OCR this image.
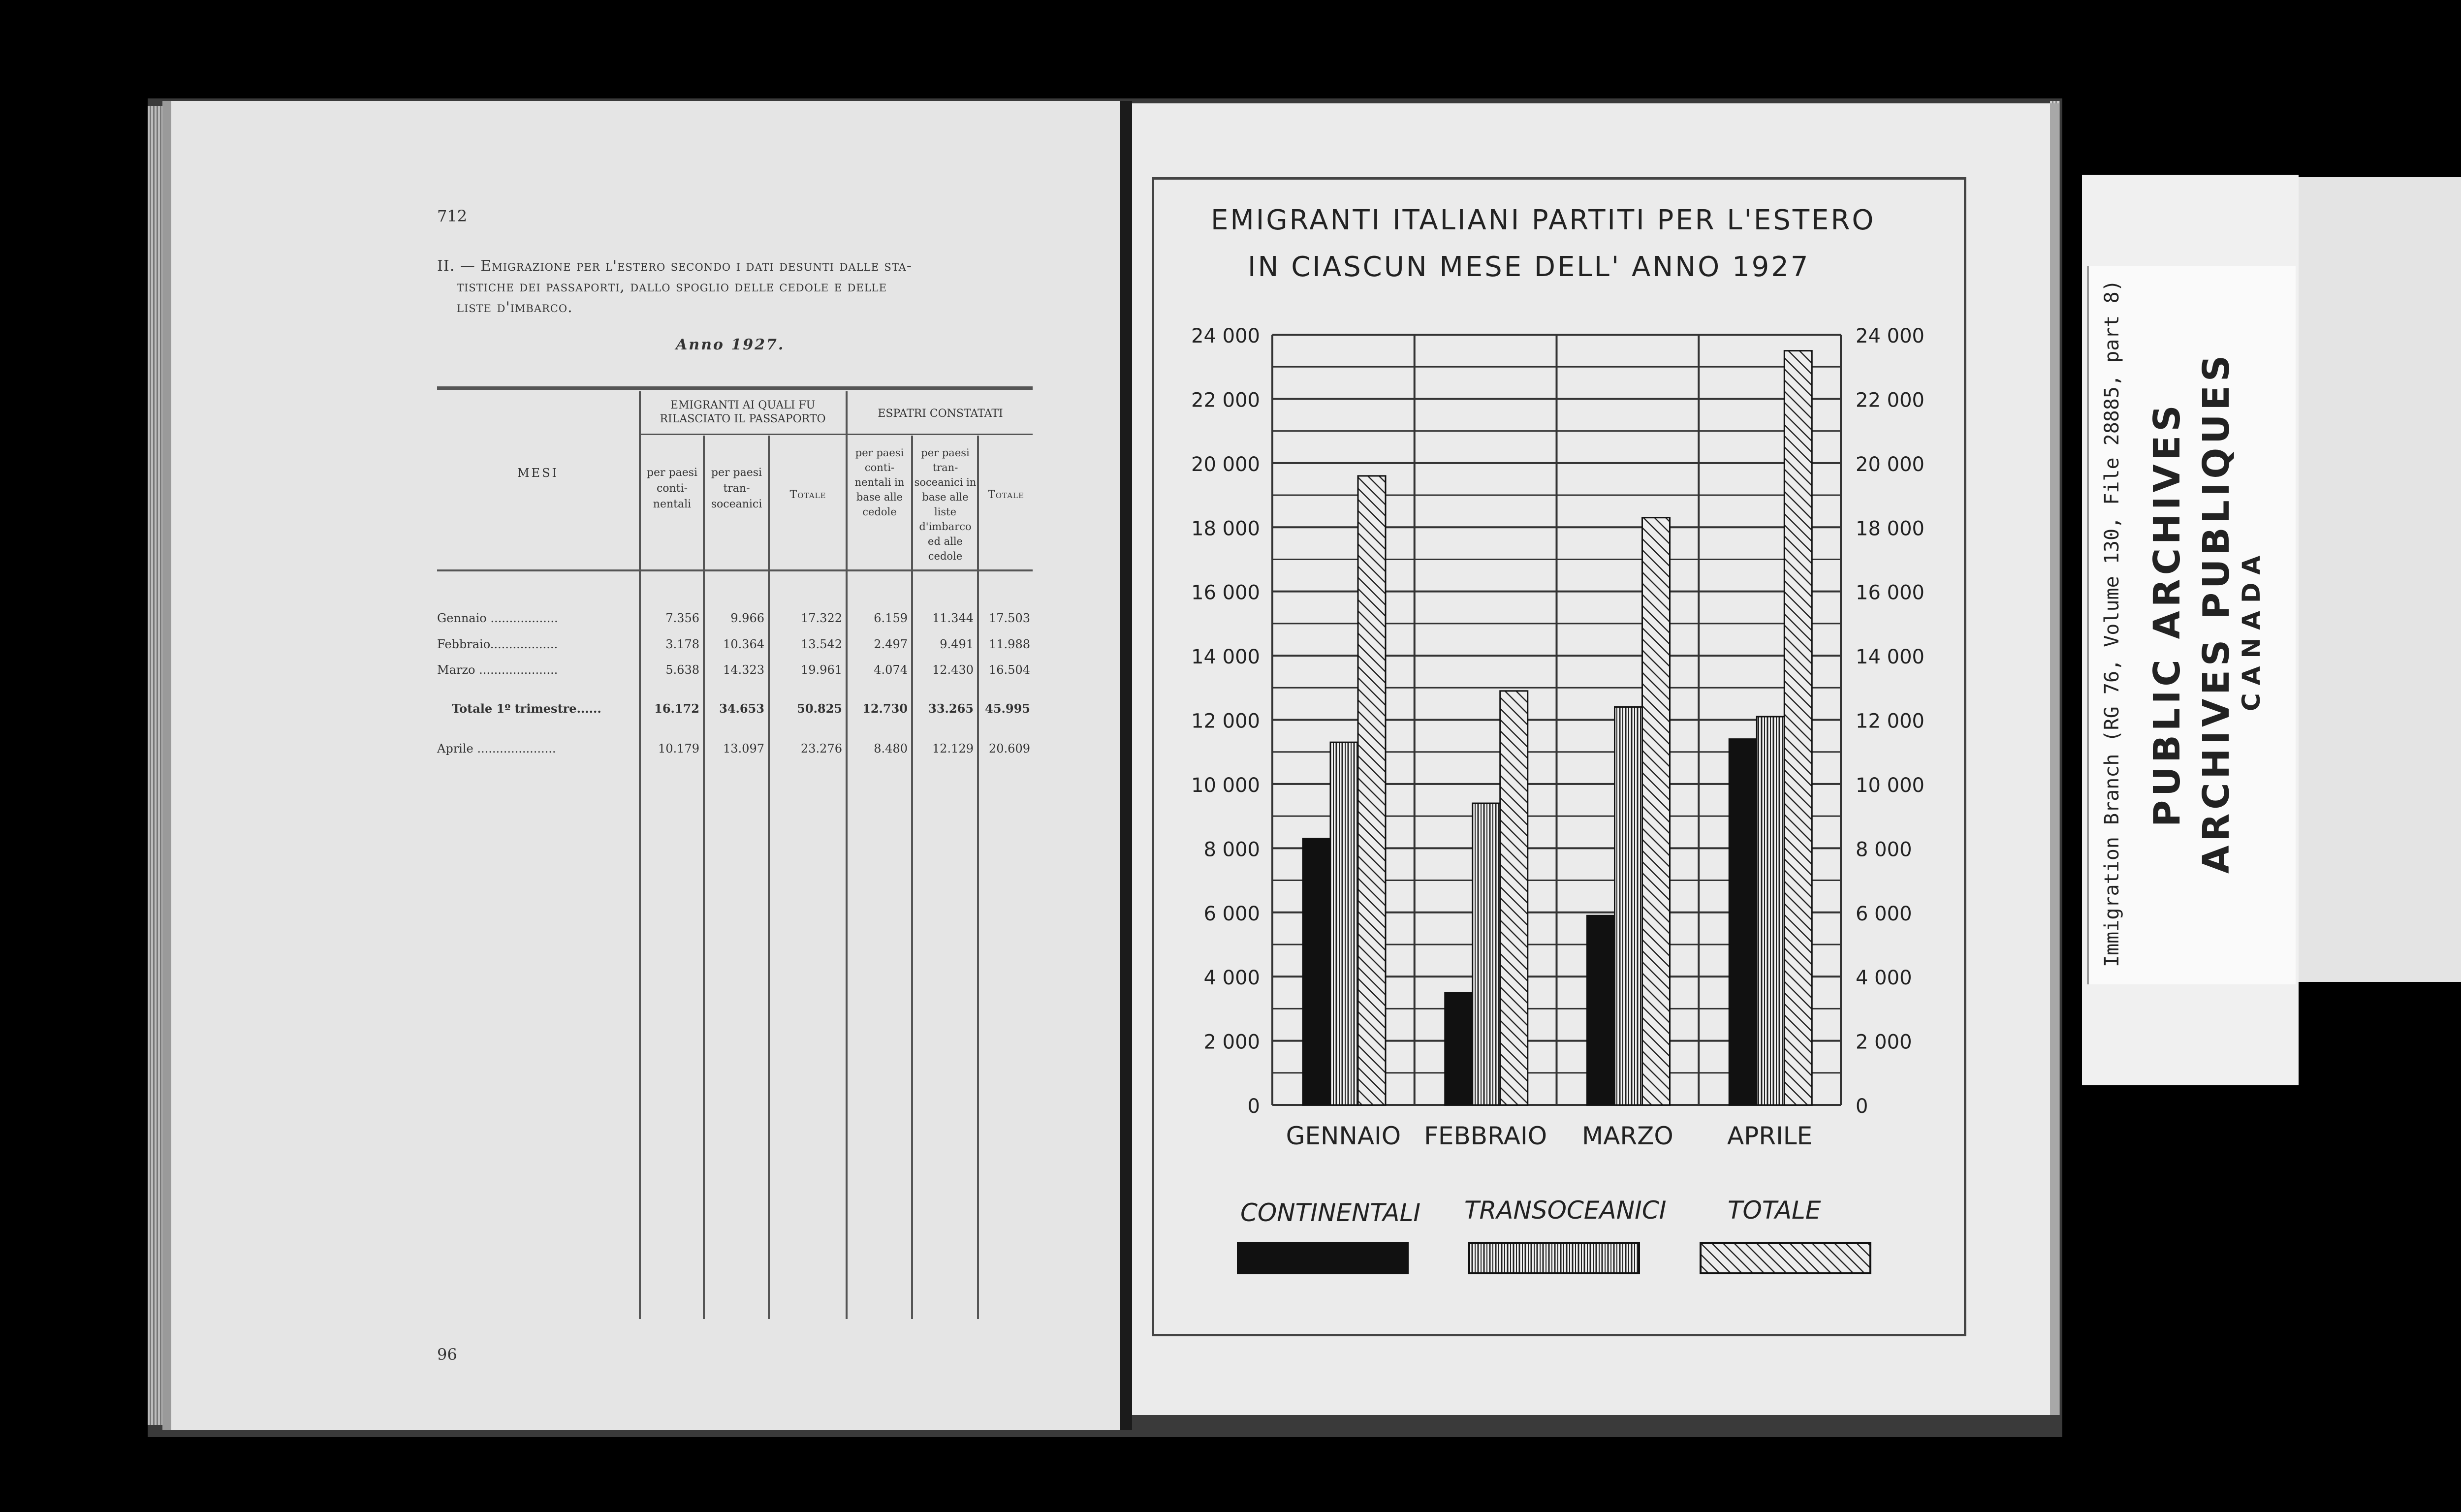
712
II. — Emigrazione per l'estero secondo i dati desunti dalle sta-
tistiche dei passaporti, dallo spoglio delle cedole e delle
liste d'imbarco.
Anno 1927.
MESI
EMIGRANTI AI QUALI FU RILASCIATO IL PASSAPORTO	ESPATRI CONSTATATI
per paesi conti- nentali
per paesi tran- soceanici
Totale
per paesi conti- nentali in base alle cedole
per paesi tran- soceanici in base alle liste d'imbarco ed alle cedole
Totale
Gennaio ..................	7.356	9.966	17.322	6.159	11.344	17.503
Febbraio..................	3.178	10.364	13.542	2.497	9.491	11.988
Marzo .....................	5.638	14.323	19.961	4.074	12.430	16.504
Totale 1º trimestre......	16.172	34.653	50.825	12.730	33.265 45.995
Aprile .....................	10.179	13.097	23.276	8.480	12.129	20.609
96
EMIGRANTI ITALIANI PARTITI PER L'ESTERO
IN CIASCUN MESE DELL' ANNO 1927
0	0
2 000	2 000
4 000	4 000
6 000	6 000
8 000	8 000
10 000	10 000
12 000	12 000
14 000	14 000
16 000	16 000
18 000	18 000
20 000	20 000
22 000	22 000
24 000	24 000
GENNAIO FEBBRAIO MARZO APRILE
CONTINENTALI TRANSOCEANICI TOTALE
Immigration Branch (RG 76, Volume 130, File 28885, part 8) PUBLIC ARCHIVES ARCHIVES PUBLIQUES CANADA
